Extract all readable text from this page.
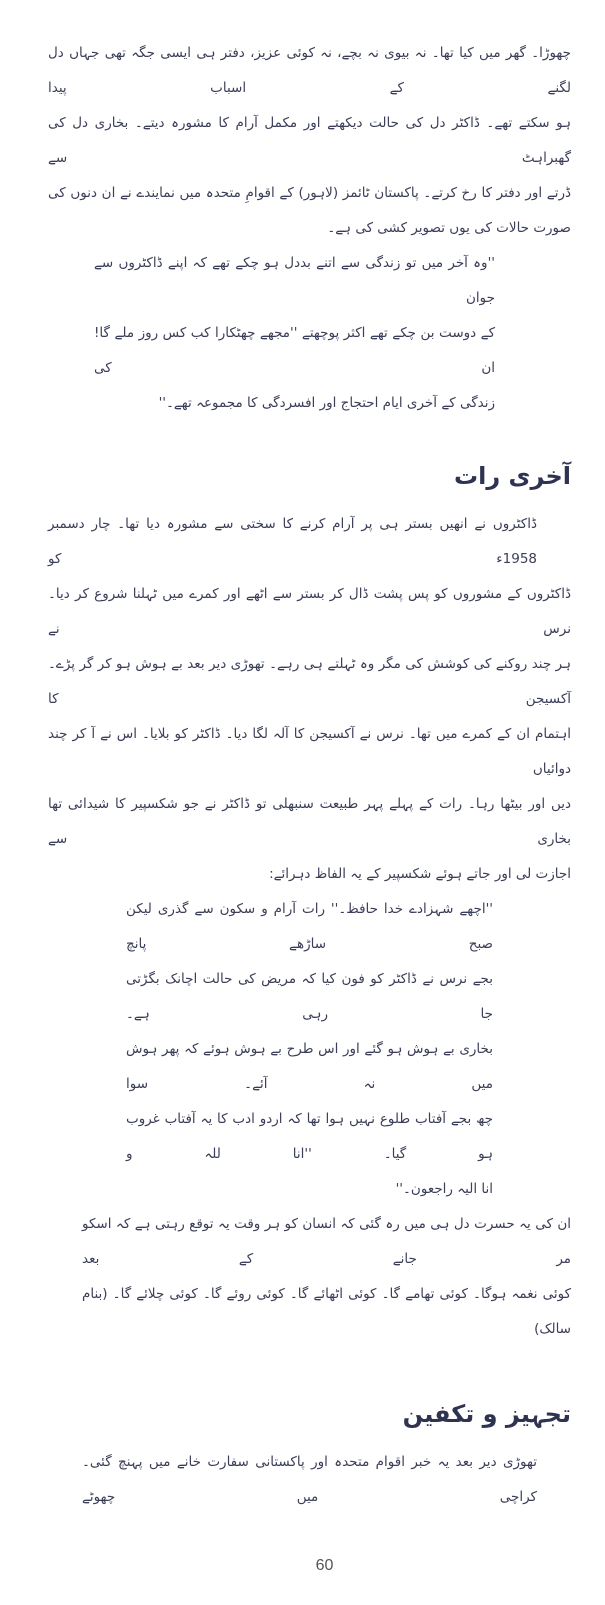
چھوڑا۔ گھر میں کیا تھا۔ نہ بیوی نہ بچے، نہ کوئی عزیز، دفتر ہی ایسی جگہ تھی جہاں دل لگنے کے اسباب پیدا
ہو سکتے تھے۔ ڈاکٹر دل کی حالت دیکھتے اور مکمل آرام کا مشورہ دیتے۔ بخاری دل کی گھبراہٹ سے
ڈرتے اور دفتر کا رخ کرتے۔ پاکستان ٹائمز (لاہور) کے اقوامِ متحدہ میں نمایندے نے ان دنوں کی
صورت حالات کی یوں تصویر کشی کی ہے۔
''وہ آخر میں تو زندگی سے اتنے بددل ہو چکے تھے کہ اپنے ڈاکٹروں سے جوان
کے دوست بن چکے تھے اکثر پوچھتے ''مجھے چھٹکارا کب کس روز ملے گا! ان کی
زندگی کے آخری ایام احتجاج اور افسردگی کا مجموعہ تھے۔''
آخری رات
ڈاکٹروں نے انھیں بستر ہی پر آرام کرنے کا سختی سے مشورہ دیا تھا۔ چار دسمبر 1958ء کو
ڈاکٹروں کے مشوروں کو پس پشت ڈال کر بستر سے اٹھے اور کمرے میں ٹہلنا شروع کر دیا۔ نرس نے
ہر چند روکنے کی کوشش کی مگر وہ ٹہلتے ہی رہے۔ تھوڑی دیر بعد بے ہوش ہو کر گر پڑے۔ آکسیجن کا
اہتمام ان کے کمرے میں تھا۔ نرس نے آکسیجن کا آلہ لگا دیا۔ ڈاکٹر کو بلایا۔ اس نے آ کر چند دوائیاں
دیں اور بیٹھا رہا۔ رات کے پہلے پہر طبیعت سنبھلی تو ڈاکٹر نے جو شکسپیر کا شیدائی تھا بخاری سے
اجازت لی اور جاتے ہوئے شکسپیر کے یہ الفاظ دہرائے:
''اچھے شہزادے خدا حافظ۔'' رات آرام و سکون سے گذری لیکن صبح ساڑھے پانچ
بجے نرس نے ڈاکٹر کو فون کیا کہ مریض کی حالت اچانک بگڑتی جا رہی ہے۔
بخاری بے ہوش ہو گئے اور اس طرح بے ہوش ہوئے کہ پھر ہوش میں نہ آئے۔ سوا
چھ بجے آفتاب طلوع نہیں ہوا تھا کہ اردو ادب کا یہ آفتاب غروب ہو گیا۔ ''انا للہ و
انا الیہ راجعون۔''
ان کی یہ حسرت دل ہی میں رہ گئی کہ انسان کو ہر وقت یہ توقع رہتی ہے کہ اسکو مر جانے کے بعد
کوئی نغمہ ہوگا۔ کوئی تھامے گا۔ کوئی اٹھائے گا۔ کوئی روئے گا۔ کوئی چلائے گا۔ (بنام سالک)
تجہیز و تکفین
تھوڑی دیر بعد یہ خبر اقوام متحدہ اور پاکستانی سفارت خانے میں پہنچ گئی۔ کراچی میں چھوٹے
60
